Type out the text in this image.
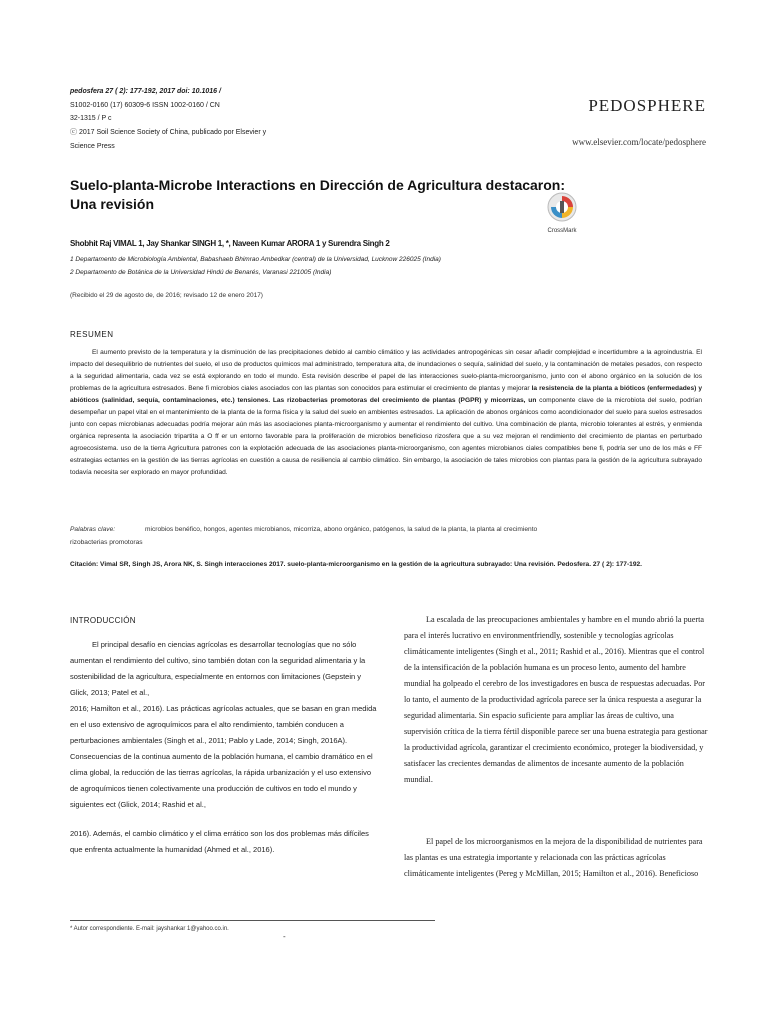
pedosfera 27 ( 2): 177-192, 2017 doi: 10.1016 /
S1002-0160 (17) 60309-6 ISSN 1002-0160 / CN
32-1315 / P c
ⓒ 2017 Soil Science Society of China, publicado por Elsevier y
Science Press
PEDOSPHERE
www.elsevier.com/locate/pedosphere
Suelo-planta-Microbe Interactions en Dirección de Agricultura destacaron:
Una revisión
CrossMark
Shobhit Raj VIMAL 1, Jay Shankar SINGH 1, *, Naveen Kumar ARORA 1 y Surendra Singh 2
1 Departamento de Microbiología Ambiental, Babashaeb Bhimrao Ambedkar (central) de la Universidad, Lucknow 226025 (India)
2 Departamento de Botánica de la Universidad Hindú de Benarés, Varanasi 221005 (India)
(Recibido el 29 de agosto de, de 2016; revisado 12 de enero 2017)
RESUMEN

El aumento previsto de la temperatura y la disminución de las precipitaciones debido al cambio climático y las actividades antropogénicas sin cesar añadir complejidad e incertidumbre a la agroindustria. El impacto del desequilibrio de nutrientes del suelo, el uso de productos químicos mal administrado, temperatura alta, de inundaciones o sequía, salinidad del suelo, y la contaminación de metales pesados, con respecto a la seguridad alimentaria, cada vez se está explorando en todo el mundo. Esta revisión describe el papel de las interacciones suelo-planta-microorganismo, junto con el abono orgánico en la solución de los problemas de la agricultura estresados. Bene fi microbios ciales asociados con las plantas son conocidos para estimular el crecimiento de plantas y mejorar la resistencia de la planta a bióticos (enfermedades) y abióticos (salinidad, sequía, contaminaciones, etc.) tensiones. Las rizobacterias promotoras del crecimiento de plantas (PGPR) y micorrizas, un componente clave de la microbiota del suelo, podrían desempeñar un papel vital en el mantenimiento de la planta de la forma física y la salud del suelo en ambientes estresados. La aplicación de abonos orgánicos como acondicionador del suelo para suelos estresados junto con cepas microbianas adecuadas podría mejorar aún más las asociaciones planta-microorganismo y aumentar el rendimiento del cultivo. Una combinación de planta, microbio tolerantes al estrés, y enmienda orgánica representa la asociación tripartita a O ff er un entorno favorable para la proliferación de microbios beneficioso rizosfera que a su vez mejoran el rendimiento del crecimiento de plantas en perturbado agroecosistema. uso de la tierra Agricultura patrones con la explotación adecuada de las asociaciones planta-microorganismo, con agentes microbianos ciales compatibles bene fi, podría ser uno de los más e FF estrategias ectantes en la gestión de las tierras agrícolas en cuestión a causa de resiliencia al cambio climático. Sin embargo, la asociación de tales microbios con plantas para la gestión de la agricultura subrayado todavía necesita ser explorado en mayor profundidad.

Palabras clave:	microbios benéfico, hongos, agentes microbianos, micorriza, abono orgánico, patógenos, la salud de la planta, la planta al crecimiento
rizobacterias promotoras
Citación: Vimal SR, Singh JS, Arora NK, S. Singh interacciones 2017. suelo-planta-microorganismo en la gestión de la agricultura subrayado: Una revisión. Pedosfera. 27 ( 2): 177-192.
INTRODUCCIÓN

El principal desafío en ciencias agrícolas es desarrollar tecnologías que no sólo aumentan el rendimiento del cultivo, sino también dotan con la seguridad alimentaria y la sostenibilidad de la agricultura, especialmente en entornos con limitaciones (Gepstein y Glick, 2013; Patel et al.,

2016; Hamilton et al., 2016). Las prácticas agrícolas actuales, que se basan en gran medida en el uso extensivo de agroquímicos para el alto rendimiento, también conducen a perturbaciones ambientales (Singh et al., 2011; Pablo y Lade, 2014; Singh, 2016A). Consecuencias de la continua aumento de la población humana, el cambio dramático en el clima global, la reducción de las tierras agrícolas, la rápida urbanización y el uso extensivo de agroquímicos tienen colectivamente una producción de cultivos en todo el mundo y siguientes ect (Glick, 2014; Rashid et al.,

2016). Además, el cambio climático y el clima errático son los dos problemas más difíciles que enfrenta actualmente la humanidad (Ahmed et al., 2016).

La escalada de las preocupaciones ambientales y hambre en el mundo abrió la puerta para el interés lucrativo en environmentfriendly, sostenible y tecnologías agrícolas climáticamente inteligentes (Singh et al., 2011; Rashid et al., 2016). Mientras que el control de la intensificación de la población humana es un proceso lento, aumento del hambre mundial ha golpeado el cerebro de los investigadores en busca de respuestas adecuadas. Por lo tanto, el aumento de la productividad agrícola parece ser la única respuesta a asegurar la seguridad alimentaria. Sin espacio suficiente para ampliar las áreas de cultivo, una supervisión crítica de la tierra fértil disponible parece ser una buena estrategia para gestionar la productividad agrícola, garantizar el crecimiento económico, proteger la biodiversidad, y satisfacer las crecientes demandas de alimentos de incesante aumento de la población mundial.

El papel de los microorganismos en la mejora de la disponibilidad de nutrientes para las plantas es una estrategia importante y relacionada con las prácticas agrícolas climáticamente inteligentes (Pereg y McMillan, 2015; Hamilton et al., 2016). Beneficioso

* Autor correspondiente. E-mail: jayshankar 1@yahoo.co.in.
-
